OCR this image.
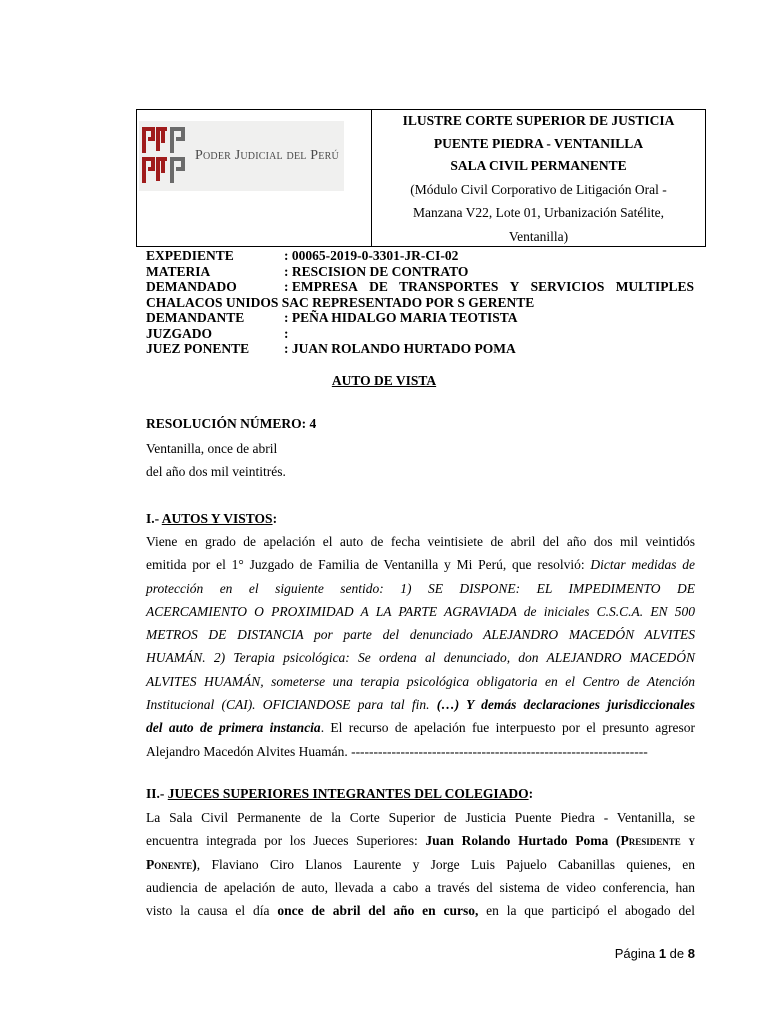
Poder Judicial del Perú
ILUSTRE CORTE SUPERIOR DE JUSTICIA
PUENTE PIEDRA - VENTANILLA
SALA CIVIL PERMANENTE
(Módulo Civil Corporativo de Litigación Oral -
Manzana V22, Lote 01, Urbanización Satélite,
Ventanilla)
EXPEDIENTE	: 00065-2019-0-3301-JR-CI-02
MATERIA	: RESCISION DE CONTRATO
DEMANDADO	: EMPRESA DE TRANSPORTES Y SERVICIOS MULTIPLES
CHALACOS UNIDOS SAC REPRESENTADO POR S GERENTE
DEMANDANTE	: PEÑA HIDALGO MARIA TEOTISTA
JUZGADO	:
JUEZ PONENTE	: JUAN ROLANDO HURTADO POMA
AUTO DE VISTA
RESOLUCIÓN NÚMERO: 4
Ventanilla, once de abril
del año dos mil veintitrés.
I.- AUTOS Y VISTOS:
Viene en grado de apelación el auto de fecha veintisiete de abril del año dos mil veintidós
emitida por el 1° Juzgado de Familia de Ventanilla y Mi Perú, que resolvió: Dictar medidas de
protección en el siguiente sentido: 1) SE DISPONE: EL IMPEDIMENTO DE
ACERCAMIENTO O PROXIMIDAD A LA PARTE AGRAVIADA de iniciales C.S.C.A. EN 500
METROS DE DISTANCIA por parte del denunciado ALEJANDRO MACEDÓN ALVITES
HUAMÁN. 2) Terapia psicológica: Se ordena al denunciado, don ALEJANDRO MACEDÓN
ALVITES HUAMÁN, someterse una terapia psicológica obligatoria en el Centro de Atención
Institucional (CAI). OFICIANDOSE para tal fin. (…) Y demás declaraciones jurisdiccionales
del auto de primera instancia. El recurso de apelación fue interpuesto por el presunto agresor
Alejandro Macedón Alvites Huamán. ------------------------------------------------------------------
II.- JUECES SUPERIORES INTEGRANTES DEL COLEGIADO:
La Sala Civil Permanente de la Corte Superior de Justicia Puente Piedra - Ventanilla, se
encuentra integrada por los Jueces Superiores: Juan Rolando Hurtado Poma (Presidente y
Ponente), Flaviano Ciro Llanos Laurente y Jorge Luis Pajuelo Cabanillas quienes, en
audiencia de apelación de auto, llevada a cabo a través del sistema de video conferencia, han
visto la causa el día once de abril del año en curso, en la que participó el abogado del
Página 1 de 8
